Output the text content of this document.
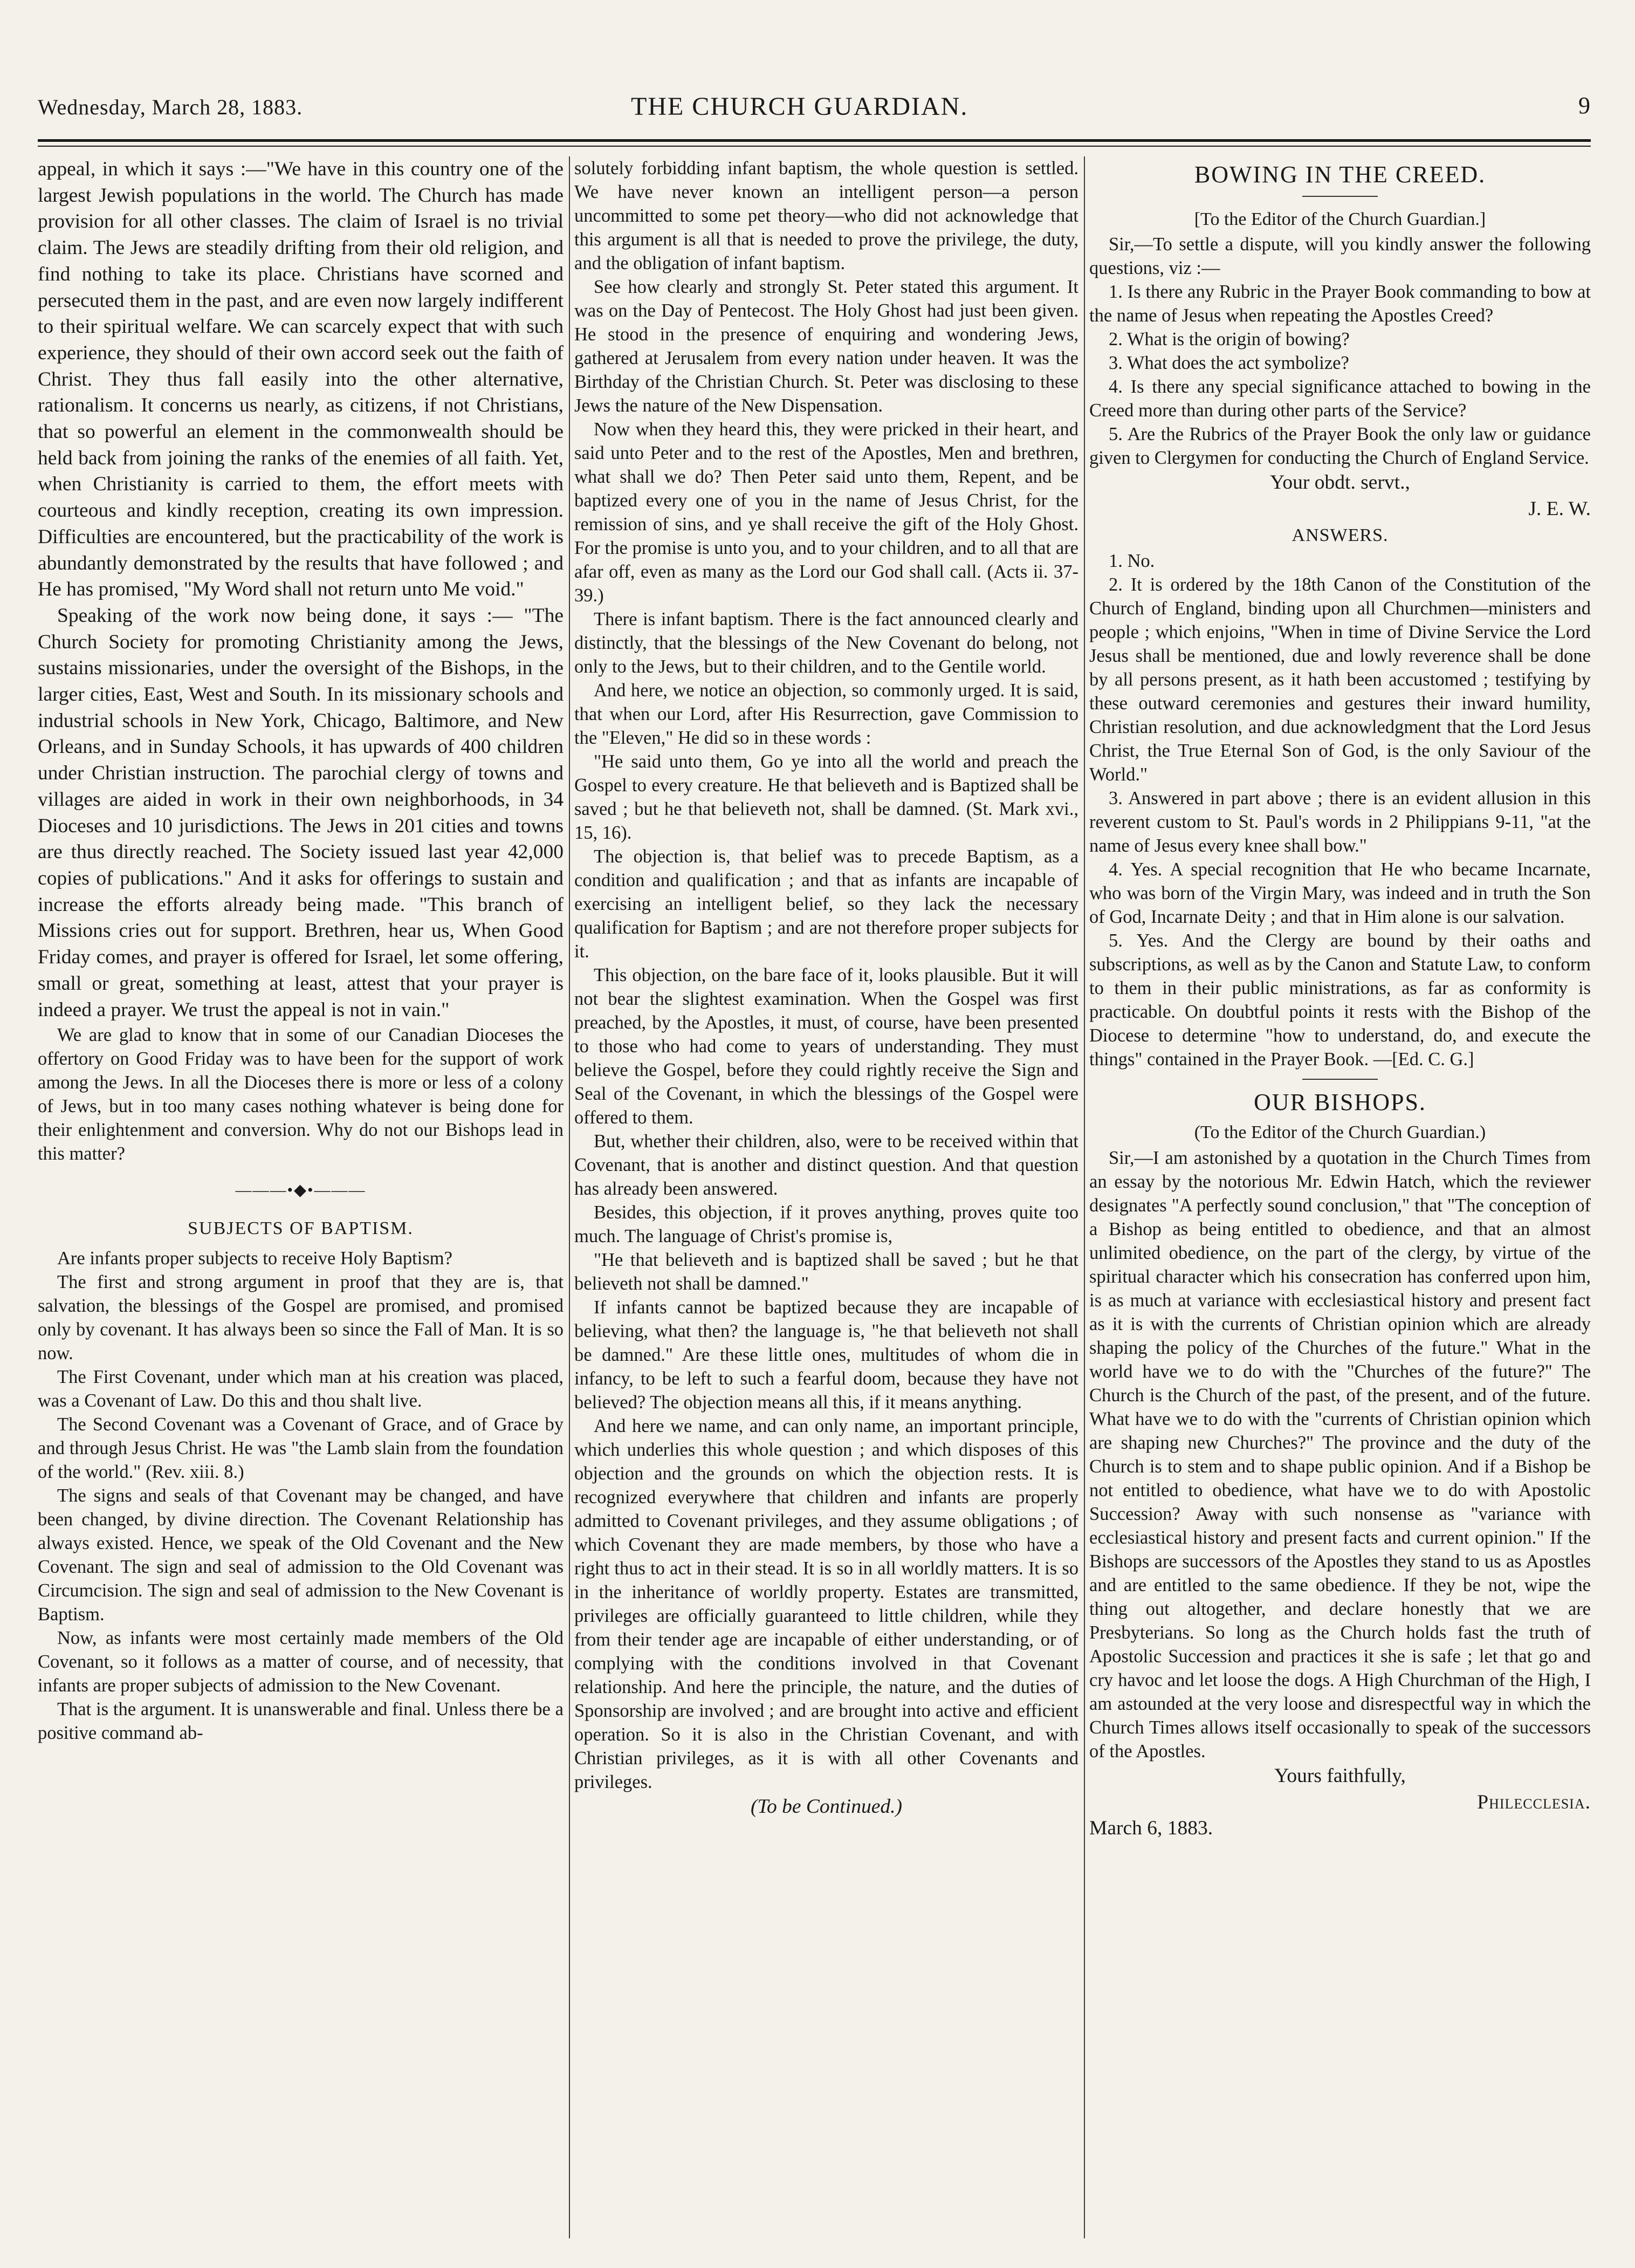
Wednesday, March 28, 1883.	THE CHURCH GUARDIAN.	9

appeal, in which it says :—"We have in this country one of the largest Jewish populations in the world. The Church has made provision for all other classes. The claim of Israel is no trivial claim. The Jews are steadily drifting from their old religion, and find nothing to take its place. Christians have scorned and persecuted them in the past, and are even now largely indifferent to their spiritual welfare. We can scarcely expect that with such experience, they should of their own accord seek out the faith of Christ. They thus fall easily into the other alternative, rationalism. It concerns us nearly, as citizens, if not Christians, that so powerful an element in the commonwealth should be held back from joining the ranks of the enemies of all faith. Yet, when Christianity is carried to them, the effort meets with courteous and kindly reception, creating its own impression. Difficulties are encountered, but the practicability of the work is abundantly demonstrated by the results that have followed ; and He has promised, "My Word shall not return unto Me void."

Speaking of the work now being done, it says :— "The Church Society for promoting Christianity among the Jews, sustains missionaries, under the oversight of the Bishops, in the larger cities, East, West and South. In its missionary schools and industrial schools in New York, Chicago, Baltimore, and New Orleans, and in Sunday Schools, it has upwards of 400 children under Christian instruction. The parochial clergy of towns and villages are aided in work in their own neighborhoods, in 34 Dioceses and 10 jurisdictions. The Jews in 201 cities and towns are thus directly reached. The Society issued last year 42,000 copies of publications." And it asks for offerings to sustain and increase the efforts already being made. "This branch of Missions cries out for support. Brethren, hear us, When Good Friday comes, and prayer is offered for Israel, let some offering, small or great, something at least, attest that your prayer is indeed a prayer. We trust the appeal is not in vain."

We are glad to know that in some of our Canadian Dioceses the offertory on Good Friday was to have been for the support of work among the Jews. In all the Dioceses there is more or less of a colony of Jews, but in too many cases nothing whatever is being done for their enlightenment and conversion. Why do not our Bishops lead in this matter?

———•◆•———
SUBJECTS OF BAPTISM.

Are infants proper subjects to receive Holy Baptism?

The first and strong argument in proof that they are is, that salvation, the blessings of the Gospel are promised, and promised only by covenant. It has always been so since the Fall of Man. It is so now.

The First Covenant, under which man at his creation was placed, was a Covenant of Law. Do this and thou shalt live.

The Second Covenant was a Covenant of Grace, and of Grace by and through Jesus Christ. He was "the Lamb slain from the foundation of the world." (Rev. xiii. 8.)

The signs and seals of that Covenant may be changed, and have been changed, by divine direction. The Covenant Relationship has always existed. Hence, we speak of the Old Covenant and the New Covenant. The sign and seal of admission to the Old Covenant was Circumcision. The sign and seal of admission to the New Covenant is Baptism.

Now, as infants were most certainly made members of the Old Covenant, so it follows as a matter of course, and of necessity, that infants are proper subjects of admission to the New Covenant.

That is the argument. It is unanswerable and final. Unless there be a positive command ab-

solutely forbidding infant baptism, the whole question is settled. We have never known an intelligent person—a person uncommitted to some pet theory—who did not acknowledge that this argument is all that is needed to prove the privilege, the duty, and the obligation of infant baptism.

See how clearly and strongly St. Peter stated this argument. It was on the Day of Pentecost. The Holy Ghost had just been given. He stood in the presence of enquiring and wondering Jews, gathered at Jerusalem from every nation under heaven. It was the Birthday of the Christian Church. St. Peter was disclosing to these Jews the nature of the New Dispensation.

Now when they heard this, they were pricked in their heart, and said unto Peter and to the rest of the Apostles, Men and brethren, what shall we do? Then Peter said unto them, Repent, and be baptized every one of you in the name of Jesus Christ, for the remission of sins, and ye shall receive the gift of the Holy Ghost. For the promise is unto you, and to your children, and to all that are afar off, even as many as the Lord our God shall call. (Acts ii. 37-39.)

There is infant baptism. There is the fact announced clearly and distinctly, that the blessings of the New Covenant do belong, not only to the Jews, but to their children, and to the Gentile world.

And here, we notice an objection, so commonly urged. It is said, that when our Lord, after His Resurrection, gave Commission to the "Eleven," He did so in these words :

"He said unto them, Go ye into all the world and preach the Gospel to every creature. He that believeth and is Baptized shall be saved ; but he that believeth not, shall be damned. (St. Mark xvi., 15, 16).

The objection is, that belief was to precede Baptism, as a condition and qualification ; and that as infants are incapable of exercising an intelligent belief, so they lack the necessary qualification for Baptism ; and are not therefore proper subjects for it.

This objection, on the bare face of it, looks plausible. But it will not bear the slightest examination. When the Gospel was first preached, by the Apostles, it must, of course, have been presented to those who had come to years of understanding. They must believe the Gospel, before they could rightly receive the Sign and Seal of the Covenant, in which the blessings of the Gospel were offered to them.

But, whether their children, also, were to be received within that Covenant, that is another and distinct question. And that question has already been answered.

Besides, this objection, if it proves anything, proves quite too much. The language of Christ's promise is,

"He that believeth and is baptized shall be saved ; but he that believeth not shall be damned."

If infants cannot be baptized because they are incapable of believing, what then? the language is, "he that believeth not shall be damned." Are these little ones, multitudes of whom die in infancy, to be left to such a fearful doom, because they have not believed? The objection means all this, if it means anything.

And here we name, and can only name, an important principle, which underlies this whole question ; and which disposes of this objection and the grounds on which the objection rests. It is recognized everywhere that children and infants are properly admitted to Covenant privileges, and they assume obligations ; of which Covenant they are made members, by those who have a right thus to act in their stead. It is so in all worldly matters. It is so in the inheritance of worldly property. Estates are transmitted, privileges are officially guaranteed to little children, while they from their tender age are incapable of either understanding, or of complying with the conditions involved in that Covenant relationship. And here the principle, the nature, and the duties of Sponsorship are involved ; and are brought into active and efficient operation. So it is also in the Christian Covenant, and with Christian privileges, as it is with all other Covenants and privileges.

(To be Continued.)

BOWING IN THE CREED.

[To the Editor of the Church Guardian.]

Sir,—To settle a dispute, will you kindly answer the following questions, viz :—

1. Is there any Rubric in the Prayer Book commanding to bow at the name of Jesus when repeating the Apostles Creed?

2. What is the origin of bowing?

3. What does the act symbolize?

4. Is there any special significance attached to bowing in the Creed more than during other parts of the Service?

5. Are the Rubrics of the Prayer Book the only law or guidance given to Clergymen for conducting the Church of England Service.

Your obdt. servt.,

J. E. W.

ANSWERS.

1. No.

2. It is ordered by the 18th Canon of the Constitution of the Church of England, binding upon all Churchmen—ministers and people ; which enjoins, "When in time of Divine Service the Lord Jesus shall be mentioned, due and lowly reverence shall be done by all persons present, as it hath been accustomed ; testifying by these outward ceremonies and gestures their inward humility, Christian resolution, and due acknowledgment that the Lord Jesus Christ, the True Eternal Son of God, is the only Saviour of the World."

3. Answered in part above ; there is an evident allusion in this reverent custom to St. Paul's words in 2 Philippians 9-11, "at the name of Jesus every knee shall bow."

4. Yes. A special recognition that He who became Incarnate, who was born of the Virgin Mary, was indeed and in truth the Son of God, Incarnate Deity ; and that in Him alone is our salvation.

5. Yes. And the Clergy are bound by their oaths and subscriptions, as well as by the Canon and Statute Law, to conform to them in their public ministrations, as far as conformity is practicable. On doubtful points it rests with the Bishop of the Diocese to determine "how to understand, do, and execute the things" contained in the Prayer Book. —[Ed. C. G.]

OUR BISHOPS.

(To the Editor of the Church Guardian.)

Sir,—I am astonished by a quotation in the Church Times from an essay by the notorious Mr. Edwin Hatch, which the reviewer designates "A perfectly sound conclusion," that "The conception of a Bishop as being entitled to obedience, and that an almost unlimited obedience, on the part of the clergy, by virtue of the spiritual character which his consecration has conferred upon him, is as much at variance with ecclesiastical history and present fact as it is with the currents of Christian opinion which are already shaping the policy of the Churches of the future." What in the world have we to do with the "Churches of the future?" The Church is the Church of the past, of the present, and of the future. What have we to do with the "currents of Christian opinion which are shaping new Churches?" The province and the duty of the Church is to stem and to shape public opinion. And if a Bishop be not entitled to obedience, what have we to do with Apostolic Succession? Away with such nonsense as "variance with ecclesiastical history and present facts and current opinion." If the Bishops are successors of the Apostles they stand to us as Apostles and are entitled to the same obedience. If they be not, wipe the thing out altogether, and declare honestly that we are Presbyterians. So long as the Church holds fast the truth of Apostolic Succession and practices it she is safe ; let that go and cry havoc and let loose the dogs. A High Churchman of the High, I am astounded at the very loose and disrespectful way in which the Church Times allows itself occasionally to speak of the successors of the Apostles.

Yours faithfully,

Philecclesia.

March 6, 1883.
